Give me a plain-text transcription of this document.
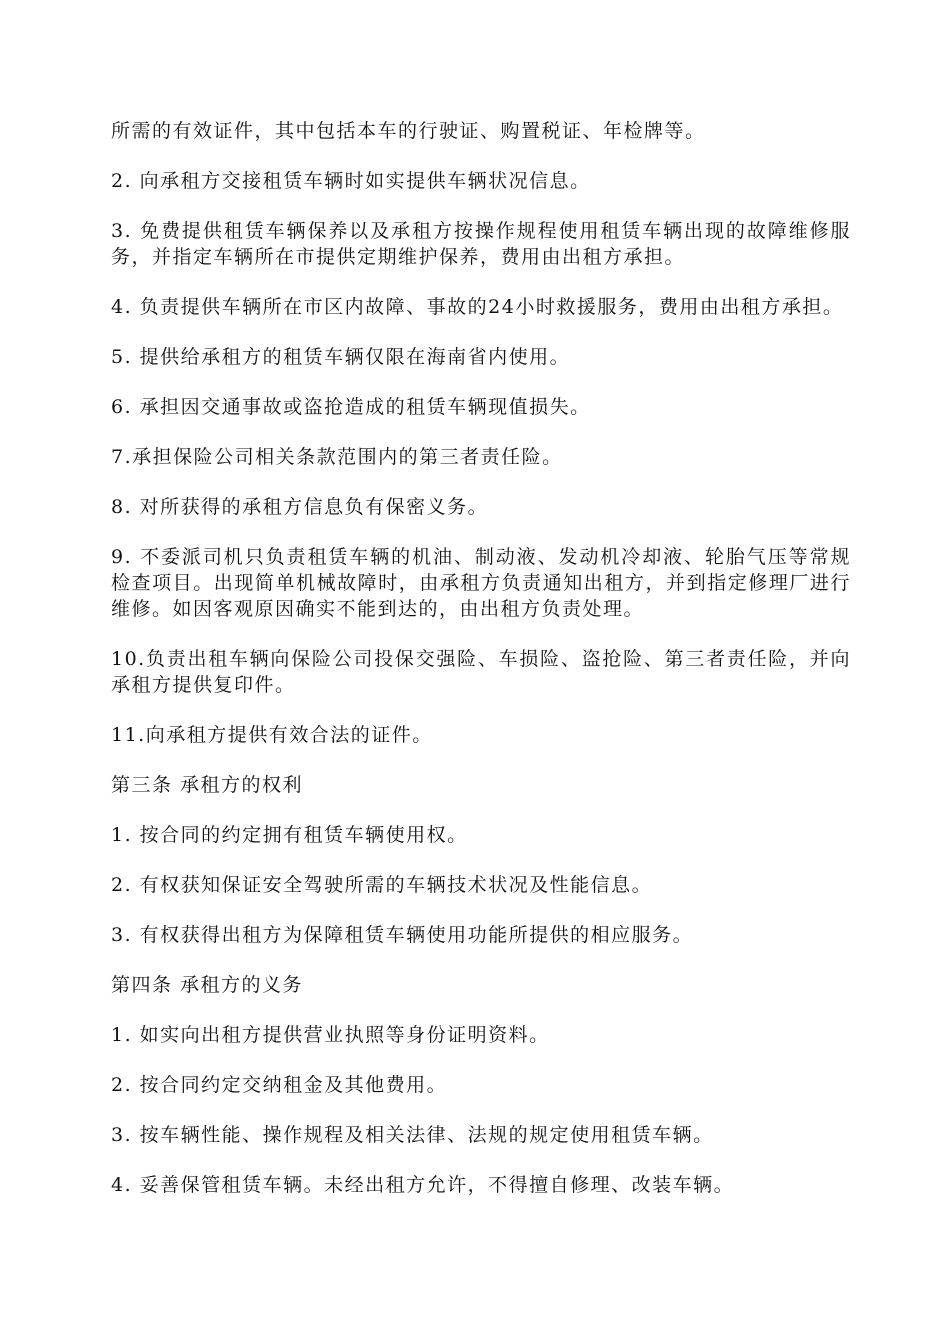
所需的有效证件，其中包括本车的行驶证、购置税证、年检牌等。

2. 向承租方交接租赁车辆时如实提供车辆状况信息。

3. 免费提供租赁车辆保养以及承租方按操作规程使用租赁车辆出现的故障维修服务，并指定车辆所在市提供定期维护保养，费用由出租方承担。

4. 负责提供车辆所在市区内故障、事故的24小时救援服务，费用由出租方承担。

5. 提供给承租方的租赁车辆仅限在海南省内使用。

6. 承担因交通事故或盗抢造成的租赁车辆现值损失。

7.承担保险公司相关条款范围内的第三者责任险。

8. 对所获得的承租方信息负有保密义务。

9. 不委派司机只负责租赁车辆的机油、制动液、发动机冷却液、轮胎气压等常规检查项目。出现简单机械故障时，由承租方负责通知出租方，并到指定修理厂进行维修。如因客观原因确实不能到达的，由出租方负责处理。

10.负责出租车辆向保险公司投保交强险、车损险、盗抢险、第三者责任险，并向承租方提供复印件。

11.向承租方提供有效合法的证件。

第三条 承租方的权利

1. 按合同的约定拥有租赁车辆使用权。

2. 有权获知保证安全驾驶所需的车辆技术状况及性能信息。

3. 有权获得出租方为保障租赁车辆使用功能所提供的相应服务。

第四条 承租方的义务

1. 如实向出租方提供营业执照等身份证明资料。

2. 按合同约定交纳租金及其他费用。

3. 按车辆性能、操作规程及相关法律、法规的规定使用租赁车辆。

4. 妥善保管租赁车辆。未经出租方允许，不得擅自修理、改装车辆。
